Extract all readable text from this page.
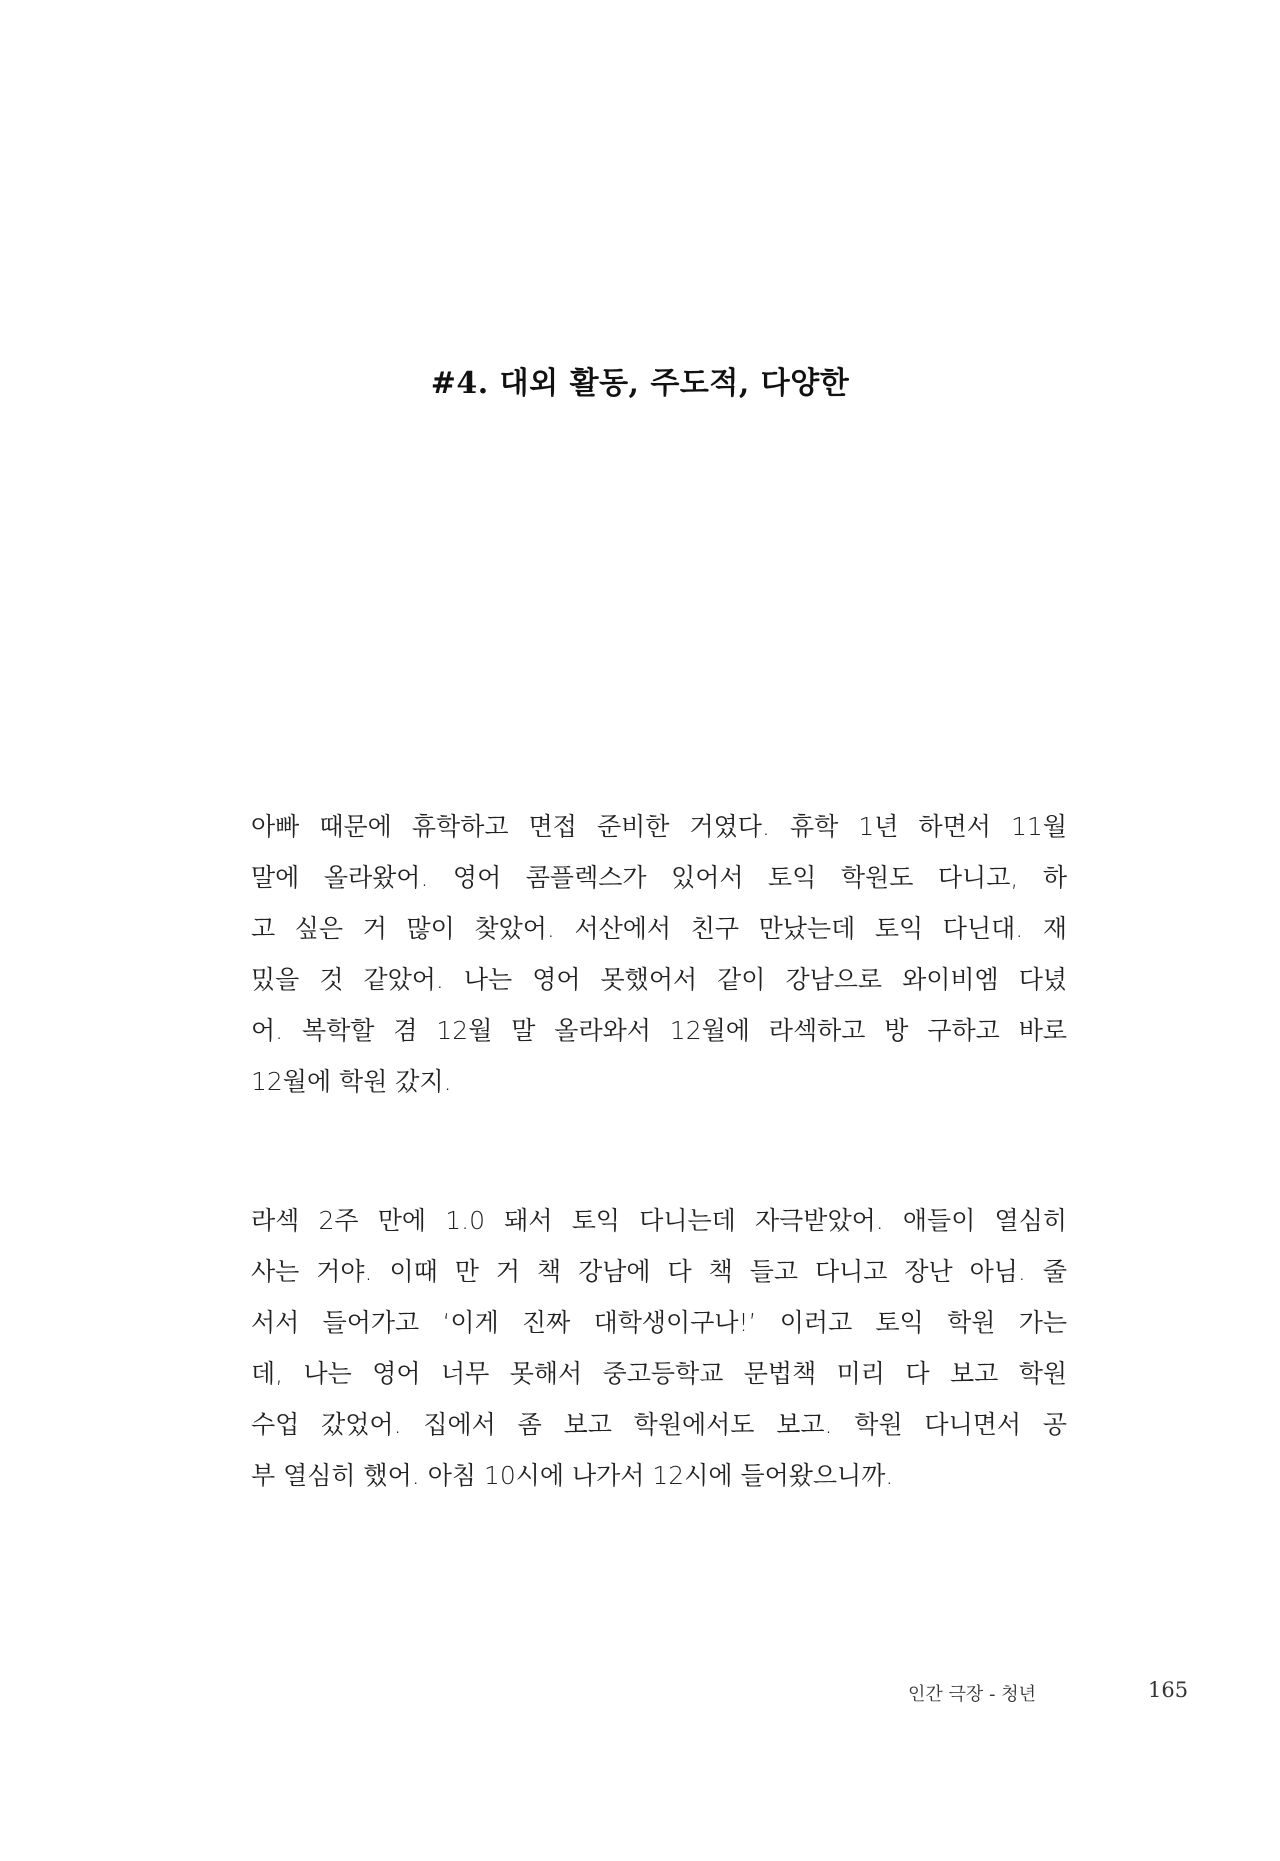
#4. 대외 활동, 주도적, 다양한
아빠 때문에 휴학하고 면접 준비한 거였다. 휴학 1년 하면서 11월
말에 올라왔어. 영어 콤플렉스가 있어서 토익 학원도 다니고, 하
고 싶은 거 많이 찾았어. 서산에서 친구 만났는데 토익 다닌대. 재
밌을 것 같았어. 나는 영어 못했어서 같이 강남으로 와이비엠 다녔
어. 복학할 겸 12월 말 올라와서 12월에 라섹하고 방 구하고 바로
12월에 학원 갔지.
라섹 2주 만에 1.0 돼서 토익 다니는데 자극받았어. 애들이 열심히
사는 거야. 이때 만 거 책 강남에 다 책 들고 다니고 장난 아님. 줄
서서 들어가고 ‘이게 진짜 대학생이구나!’ 이러고 토익 학원 가는
데, 나는 영어 너무 못해서 중고등학교 문법책 미리 다 보고 학원
수업 갔었어. 집에서 좀 보고 학원에서도 보고. 학원 다니면서 공
부 열심히 했어. 아침 10시에 나가서 12시에 들어왔으니까.
인간 극장 - 청년	165
